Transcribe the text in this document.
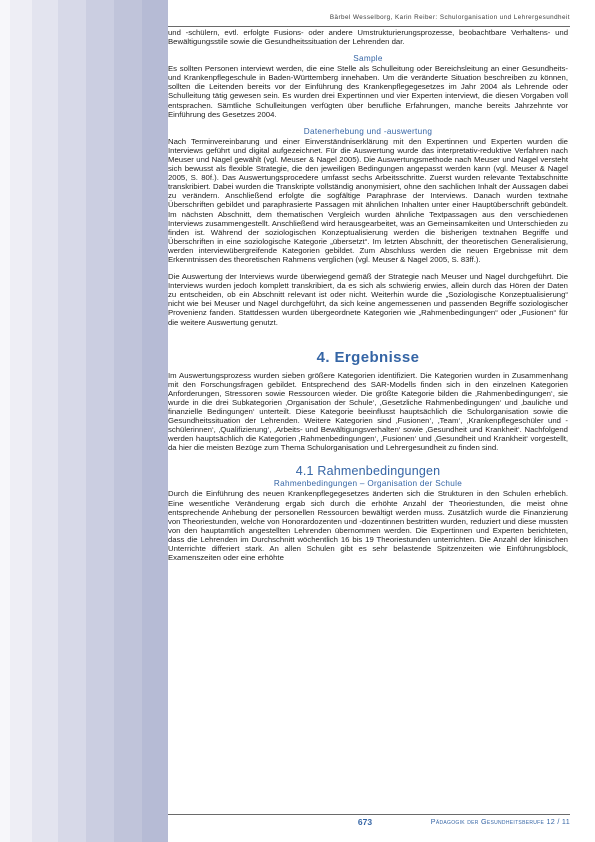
Bärbel Wesselborg, Karin Reiber: Schulorganisation und Lehrergesundheit

und -schülern, evtl. erfolgte Fusions- oder andere Umstrukturierungsprozesse, beobachtbare Verhaltens- und Bewältigungsstile sowie die Gesundheitssituation der Lehrenden dar.

Sample

Es sollten Personen interviewt werden, die eine Stelle als Schulleitung oder Bereichsleitung an einer Gesundheits- und Krankenpflegeschule in Baden-Württemberg innehaben. Um die veränderte Situation beschreiben zu können, sollten die Leitenden bereits vor der Einführung des Krankenpflegegesetzes im Jahr 2004 als Lehrende oder Schulleitung tätig gewesen sein. Es wurden drei Expertinnen und vier Experten interviewt, die diesen Vorgaben voll entsprachen. Sämtliche Schulleitungen verfügten über berufliche Erfahrungen, manche bereits Jahrzehnte vor Einführung des Gesetzes 2004.

Datenerhebung und -auswertung

Nach Terminvereinbarung und einer Einverständniserklärung mit den Expertinnen und Experten wurden die Interviews geführt und digital aufgezeichnet. Für die Auswertung wurde das interpretativ-reduktive Verfahren nach Meuser und Nagel gewählt (vgl. Meuser & Nagel 2005). Die Auswertungsmethode nach Meuser und Nagel versteht sich bewusst als flexible Strategie, die den jeweiligen Bedingungen angepasst werden kann (vgl. Meuser & Nagel 2005, S. 80f.). Das Auswertungsprocedere umfasst sechs Arbeitsschritte. Zuerst wurden relevante Textabschnitte transkribiert. Dabei wurden die Transkripte vollständig anonymisiert, ohne den sachlichen Inhalt der Aussagen dabei zu verändern. Anschließend erfolgte die sogfältige Paraphrase der Interviews. Danach wurden textnahe Überschriften gebildet und paraphrasierte Passagen mit ähnlichen Inhalten unter einer Hauptüberschrift gebündelt. Im nächsten Abschnitt, dem thematischen Vergleich wurden ähnliche Textpassagen aus den verschiedenen Interviews zusammengestellt. Anschließend wird herausgearbeitet, was an Gemeinsamkeiten und Unterschieden zu finden ist. Während der soziologischen Konzeptualisierung werden die bisherigen textnahen Begriffe und Überschriften in eine soziologische Kategorie „übersetzt“. Im letzten Abschnitt, der theoretischen Generalisierung, werden interviewübergreifende Kategorien gebildet. Zum Abschluss werden die neuen Ergebnisse mit dem Erkenntnissen des theoretischen Rahmens verglichen (vgl. Meuser & Nagel 2005, S. 83ff.).

Die Auswertung der Interviews wurde überwiegend gemäß der Strategie nach Meuser und Nagel durchgeführt. Die Interviews wurden jedoch komplett transkribiert, da es sich als schwierig erwies, allein durch das Hören der Daten zu entscheiden, ob ein Abschnitt relevant ist oder nicht. Weiterhin wurde die „Soziologische Konzeptualisierung“ nicht wie bei Meuser und Nagel durchgeführt, da sich keine angemessenen und passenden Begriffe soziologischer Provenienz fanden. Stattdessen wurden übergeordnete Kategorien wie „Rahmenbedingungen“ oder „Fusionen“ für die weitere Auswertung genutzt.

4. Ergebnisse

Im Auswertungsprozess wurden sieben größere Kategorien identifiziert. Die Kategorien wurden in Zusammenhang mit den Forschungsfragen gebildet. Entsprechend des SAR-Modells finden sich in den einzelnen Kategorien Anforderungen, Stressoren sowie Ressourcen wieder. Die größte Kategorie bilden die ‚Rahmenbedingungen‘, sie wurde in die drei Subkategorien ‚Organisation der Schule‘, ‚Gesetzliche Rahmenbedingungen‘ und ‚bauliche und finanzielle Bedingungen‘ unterteilt. Diese Kategorie beeinflusst hauptsächlich die Schulorganisation sowie die Gesundheitssituation der Lehrenden. Weitere Kategorien sind ‚Fusionen‘, ‚Team‘, ‚Krankenpflegeschüler und -schülerinnen‘, ‚Qualifizierung‘, ‚Arbeits- und Bewältigungsverhalten‘ sowie ‚Gesundheit und Krankheit‘. Nachfolgend werden hauptsächlich die Kategorien ‚Rahmenbedingungen‘, ‚Fusionen‘ und ‚Gesundheit und Krankheit‘ vorgestellt, da hier die meisten Bezüge zum Thema Schulorganisation und Lehrergesundheit zu finden sind.

4.1 Rahmenbedingungen
Rahmenbedingungen – Organisation der Schule

Durch die Einführung des neuen Krankenpflegegesetzes änderten sich die Strukturen in den Schulen erheblich. Eine wesentliche Veränderung ergab sich durch die erhöhte Anzahl der Theoriestunden, die meist ohne entsprechende Anhebung der personellen Ressourcen bewältigt werden muss. Zusätzlich wurde die Finanzierung von Theoriestunden, welche von Honorardozenten und -dozentinnen bestritten wurden, reduziert und diese mussten von den hauptamtlich angestellten Lehrenden übernommen werden. Die Expertinnen und Experten berichteten, dass die Lehrenden im Durchschnitt wöchentlich 16 bis 19 Theoriestunden unterrichten. Die Anzahl der klinischen Unterrichte differiert stark. An allen Schulen gibt es sehr belastende Spitzenzeiten wie Einführungsblock, Examenszeiten oder eine erhöhte

673	Pädagogik der Gesundheitsberufe 12 / 11
